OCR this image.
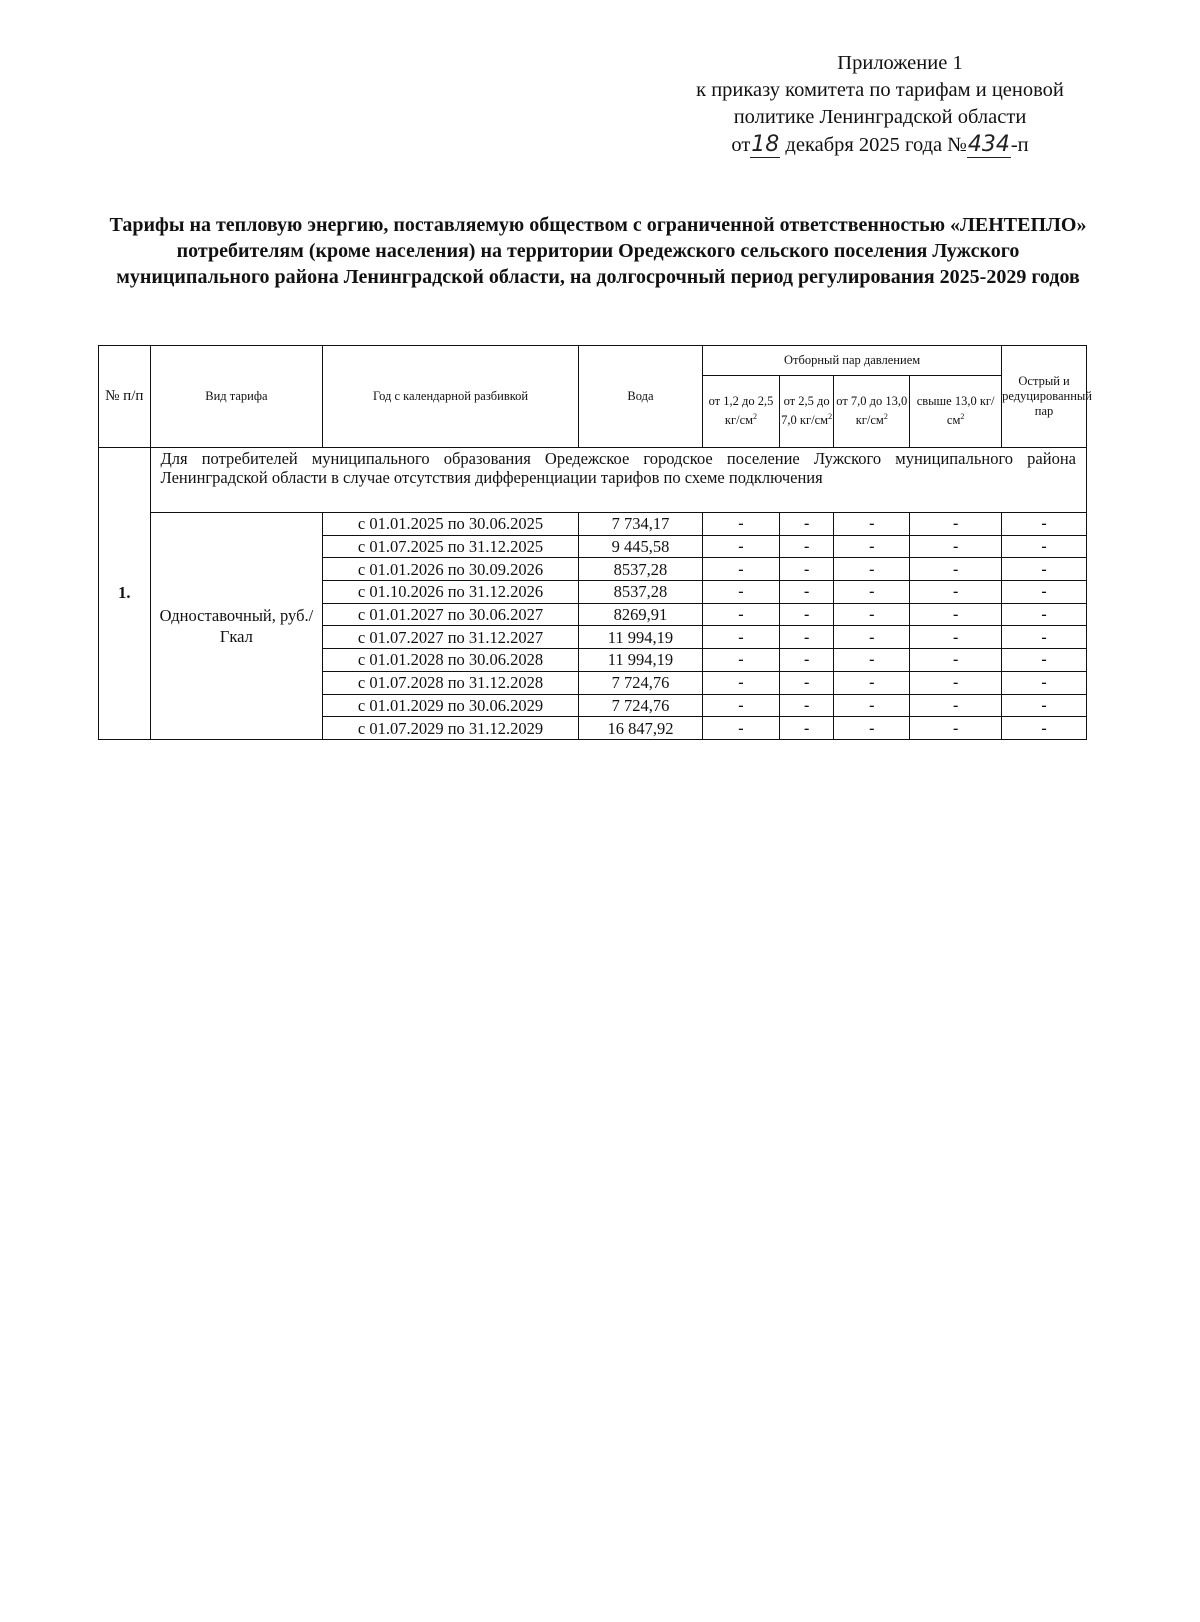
Приложение 1
к приказу комитета по тарифам и ценовой
политике Ленинградской области
от18 декабря 2025 года №434-п
Тарифы на тепловую энергию, поставляемую обществом с ограниченной ответственностью «ЛЕНТЕПЛО» потребителям (кроме населения) на территории Оредежского сельского поселения Лужского муниципального района Ленинградской области, на долгосрочный период регулирования 2025-2029 годов
№ п/п	Вид тарифа	Год с календарной разбивкой	Вода	Отборный пар давлением				Острый и редуцированный пар
				от 1,2 до 2,5 $кг/см^2$	от 2,5 до 7,0 $кг/см^2$	от 7,0 до 13,0 $кг/см^2$	свыше 13,0 $кг/см^2$
1.	Для потребителей муниципального образования Оредежское городское поселение Лужского муниципального района Ленинградской области в случае отсутствия дифференциации тарифов по схеме подключения							
	Одноставочный, руб./Гкал	с 01.01.2025 по 30.06.2025	7 734,17	-	-	-	-	-
		с 01.07.2025 по 31.12.2025	9 445,58	-	-	-	-	-
		с 01.01.2026 по 30.09.2026	8537,28	-	-	-	-	-
		с 01.10.2026 по 31.12.2026	8537,28	-	-	-	-	-
		с 01.01.2027 по 30.06.2027	8269,91	-	-	-	-	-
		с 01.07.2027 по 31.12.2027	11 994,19	-	-	-	-	-
		с 01.01.2028 по 30.06.2028	11 994,19	-	-	-	-	-
		с 01.07.2028 по 31.12.2028	7 724,76	-	-	-	-	-
		с 01.01.2029 по 30.06.2029	7 724,76	-	-	-	-	-
		с 01.07.2029 по 31.12.2029	16 847,92	-	-	-	-	-
